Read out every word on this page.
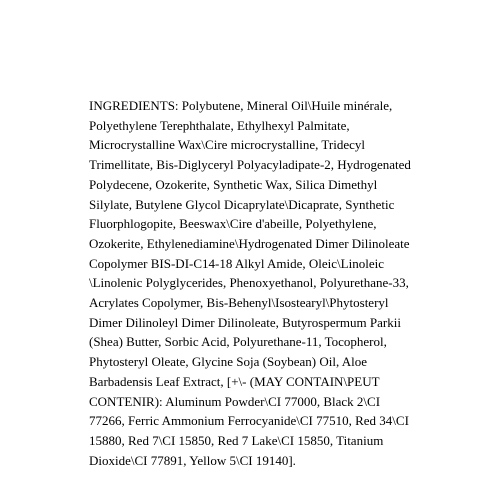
INGREDIENTS: Polybutene, Mineral Oil\Huile minérale,
Polyethylene Terephthalate, Ethylhexyl Palmitate,
Microcrystalline Wax\Cire microcrystalline, Tridecyl
Trimellitate, Bis-Diglyceryl Polyacyladipate-2, Hydrogenated
Polydecene, Ozokerite, Synthetic Wax, Silica Dimethyl
Silylate, Butylene Glycol Dicaprylate\Dicaprate, Synthetic
Fluorphlogopite, Beeswax\Cire d'abeille, Polyethylene,
Ozokerite, Ethylenediamine\Hydrogenated Dimer Dilinoleate
Copolymer BIS-DI-C14-18 Alkyl Amide, Oleic\Linoleic
\Linolenic Polyglycerides, Phenoxyethanol, Polyurethane-33,
Acrylates Copolymer, Bis-Behenyl\Isostearyl\Phytosteryl
Dimer Dilinoleyl Dimer Dilinoleate, Butyrospermum Parkii
(Shea) Butter, Sorbic Acid, Polyurethane-11, Tocopherol,
Phytosteryl Oleate, Glycine Soja (Soybean) Oil, Aloe
Barbadensis Leaf Extract, [+\- (MAY CONTAIN\PEUT
CONTENIR): Aluminum Powder\CI 77000, Black 2\CI
77266, Ferric Ammonium Ferrocyanide\CI 77510, Red 34\CI
15880, Red 7\CI 15850, Red 7 Lake\CI 15850, Titanium
Dioxide\CI 77891, Yellow 5\CI 19140].
